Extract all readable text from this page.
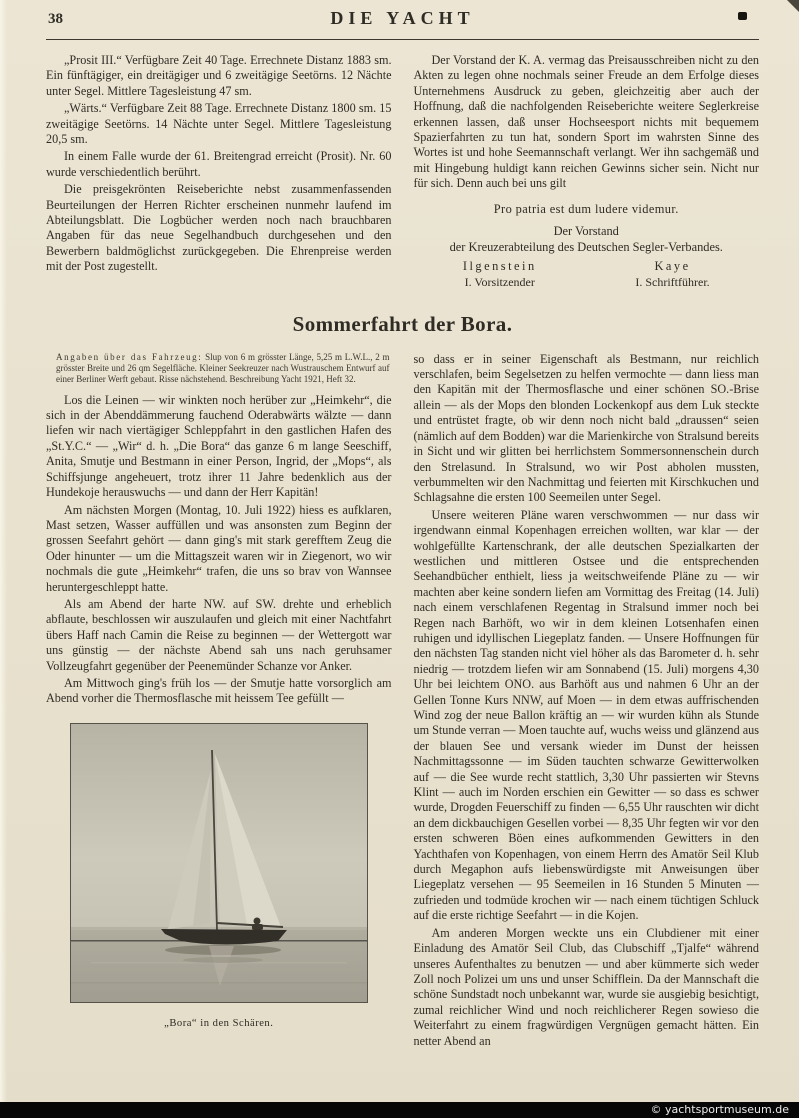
38	DIE YACHT

„Prosit III.“ Verfügbare Zeit 40 Tage. Errechnete Distanz 1883 sm. Ein fünftägiger, ein dreitägiger und 6 zweitägige Seetörns. 12 Nächte unter Segel. Mittlere Tagesleistung 47 sm.

„Wärts.“ Verfügbare Zeit 88 Tage. Errechnete Distanz 1800 sm. 15 zweitägige Seetörns. 14 Nächte unter Segel. Mittlere Tagesleistung 20,5 sm.

In einem Falle wurde der 61. Breitengrad erreicht (Prosit). Nr. 60 wurde verschiedentlich berührt.

Die preisgekrönten Reiseberichte nebst zusammenfassenden Beurteilungen der Herren Richter erscheinen nunmehr laufend im Abteilungsblatt. Die Logbücher werden noch nach brauchbaren Angaben für das neue Segelhandbuch durchgesehen und den Bewerbern baldmöglichst zurückgegeben. Die Ehrenpreise werden mit der Post zugestellt.

Der Vorstand der K. A. vermag das Preisausschreiben nicht zu den Akten zu legen ohne nochmals seiner Freude an dem Erfolge dieses Unternehmens Ausdruck zu geben, gleichzeitig aber auch der Hoffnung, daß die nachfolgenden Reiseberichte weitere Seglerkreise erkennen lassen, daß unser Hochseesport nichts mit bequemem Spazierfahrten zu tun hat, sondern Sport im wahrsten Sinne des Wortes ist und hohe Seemannschaft verlangt. Wer ihn sachgemäß und mit Hingebung huldigt kann reichen Gewinns sicher sein. Nicht nur für sich. Denn auch bei uns gilt

Pro patria est dum ludere videmur.

Der Vorstand
der Kreuzerabteilung des Deutschen Segler-Verbandes.
Ilgenstein
I. Vorsitzender
Kaye
I. Schriftführer.
Sommerfahrt der Bora.

Angaben über das Fahrzeug: Slup von 6 m grösster Länge, 5,25 m L.W.L., 2 m grösster Breite und 26 qm Segelfläche. Kleiner Seekreuzer nach Wustrauschem Entwurf auf einer Berliner Werft gebaut. Risse nächstehend. Beschreibung Yacht 1921, Heft 32.

Los die Leinen — wir winkten noch herüber zur „Heimkehr“, die sich in der Abenddämmerung fauchend Oderabwärts wälzte — dann liefen wir nach viertägiger Schleppfahrt in den gastlichen Hafen des „St.Y.C.“ — „Wir“ d. h. „Die Bora“ das ganze 6 m lange Seeschiff, Anita, Smutje und Bestmann in einer Person, Ingrid, der „Mops“, als Schiffsjunge angeheuert, trotz ihrer 11 Jahre bedenklich aus der Hundekoje herauswuchs — und dann der Herr Kapitän!

Am nächsten Morgen (Montag, 10. Juli 1922) hiess es aufklaren, Mast setzen, Wasser auffüllen und was ansonsten zum Beginn der grossen Seefahrt gehört — dann ging's mit stark gerefftem Zeug die Oder hinunter — um die Mittagszeit waren wir in Ziegenort, wo wir nochmals die gute „Heimkehr“ trafen, die uns so brav von Wannsee heruntergeschleppt hatte.

Als am Abend der harte NW. auf SW. drehte und erheblich abflaute, beschlossen wir auszulaufen und gleich mit einer Nachtfahrt übers Haff nach Camin die Reise zu beginnen — der Wettergott war uns günstig — der nächste Abend sah uns nach geruhsamer Vollzeugfahrt gegenüber der Peenemünder Schanze vor Anker.

Am Mittwoch ging's früh los — der Smutje hatte vorsorglich am Abend vorher die Thermosflasche mit heissem Tee gefüllt —

„Bora“ in den Schären.

so dass er in seiner Eigenschaft als Bestmann, nur reichlich verschlafen, beim Segelsetzen zu helfen vermochte — dann liess man den Kapitän mit der Thermosflasche und einer schönen SO.-Brise allein — als der Mops den blonden Lockenkopf aus dem Luk steckte und entrüstet fragte, ob wir denn noch nicht bald „draussen“ seien (nämlich auf dem Bodden) war die Marienkirche von Stralsund bereits in Sicht und wir glitten bei herrlichstem Sommersonnenschein durch den Strelasund. In Stralsund, wo wir Post abholen mussten, verbummelten wir den Nachmittag und feierten mit Kirschkuchen und Schlagsahne die ersten 100 Seemeilen unter Segel.

Unsere weiteren Pläne waren verschwommen — nur dass wir irgendwann einmal Kopenhagen erreichen wollten, war klar — der wohlgefüllte Kartenschrank, der alle deutschen Spezialkarten der westlichen und mittleren Ostsee und die entsprechenden Seehandbücher enthielt, liess ja weitschweifende Pläne zu — wir machten aber keine sondern liefen am Vormittag des Freitag (14. Juli) nach einem verschlafenen Regentag in Stralsund immer noch bei Regen nach Barhöft, wo wir in dem kleinen Lotsenhafen einen ruhigen und idyllischen Liegeplatz fanden. — Unsere Hoffnungen für den nächsten Tag standen nicht viel höher als das Barometer d. h. sehr niedrig — trotzdem liefen wir am Sonnabend (15. Juli) morgens 4,30 Uhr bei leichtem ONO. aus Barhöft aus und nahmen 6 Uhr an der Gellen Tonne Kurs NNW, auf Moen — in dem etwas auffrischenden Wind zog der neue Ballon kräftig an — wir wurden kühn als Stunde um Stunde verran — Moen tauchte auf, wuchs weiss und glänzend aus der blauen See und versank wieder im Dunst der heissen Nachmittagssonne — im Süden tauchten schwarze Gewitterwolken auf — die See wurde recht stattlich, 3,30 Uhr passierten wir Stevns Klint — auch im Norden erschien ein Gewitter — so dass es schwer wurde, Drogden Feuerschiff zu finden — 6,55 Uhr rauschten wir dicht an dem dickbauchigen Gesellen vorbei — 8,35 Uhr fegten wir vor den ersten schweren Böen eines aufkommenden Gewitters in den Yachthafen von Kopenhagen, von einem Herrn des Amatör Seil Klub durch Megaphon aufs liebenswürdigste mit Anweisungen über Liegeplatz versehen — 95 Seemeilen in 16 Stunden 5 Minuten — zufrieden und todmüde krochen wir — nach einem tüchtigen Schluck auf die erste richtige Seefahrt — in die Kojen.

Am anderen Morgen weckte uns ein Clubdiener mit einer Einladung des Amatör Seil Club, das Clubschiff „Tjalfe“ während unseres Aufenthaltes zu benutzen — und aber kümmerte sich weder Zoll noch Polizei um uns und unser Schifflein. Da der Mannschaft die schöne Sundstadt noch unbekannt war, wurde sie ausgiebig besichtigt, zumal reichlicher Wind und noch reichlicherer Regen sowieso die Weiterfahrt zu einem fragwürdigen Vergnügen gemacht hätten. Ein netter Abend an

© yachtsportmuseum.de
